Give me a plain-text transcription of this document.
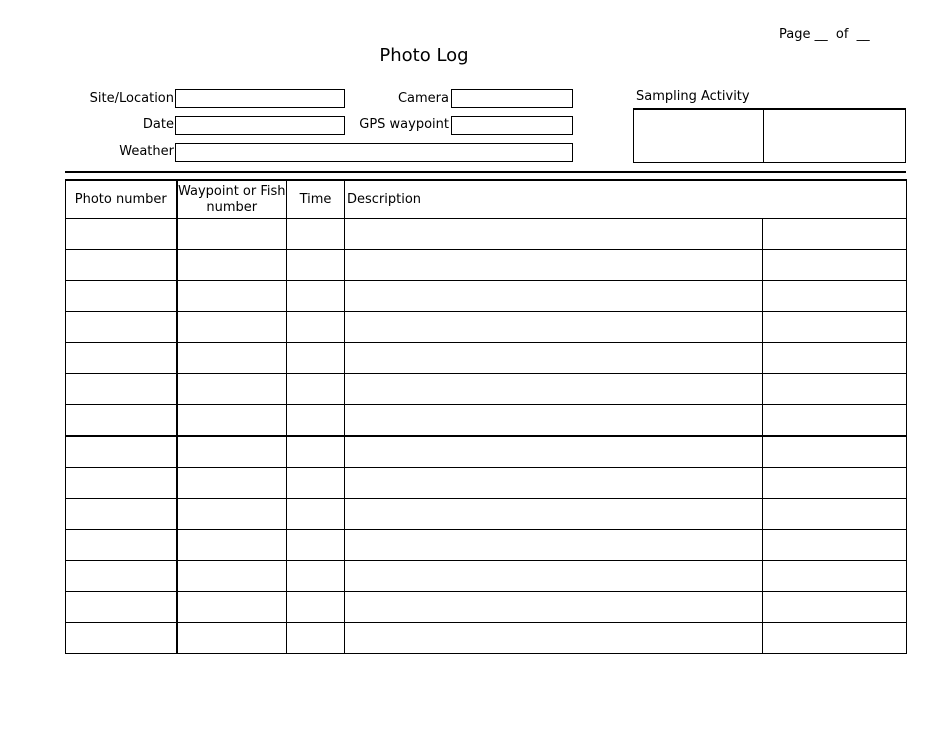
Page __  of  __
Photo Log
Site/Location	Camera
Date	GPS waypoint
Weather
Sampling Activity
Photo number	Waypoint or Fish number	Time	Description	
